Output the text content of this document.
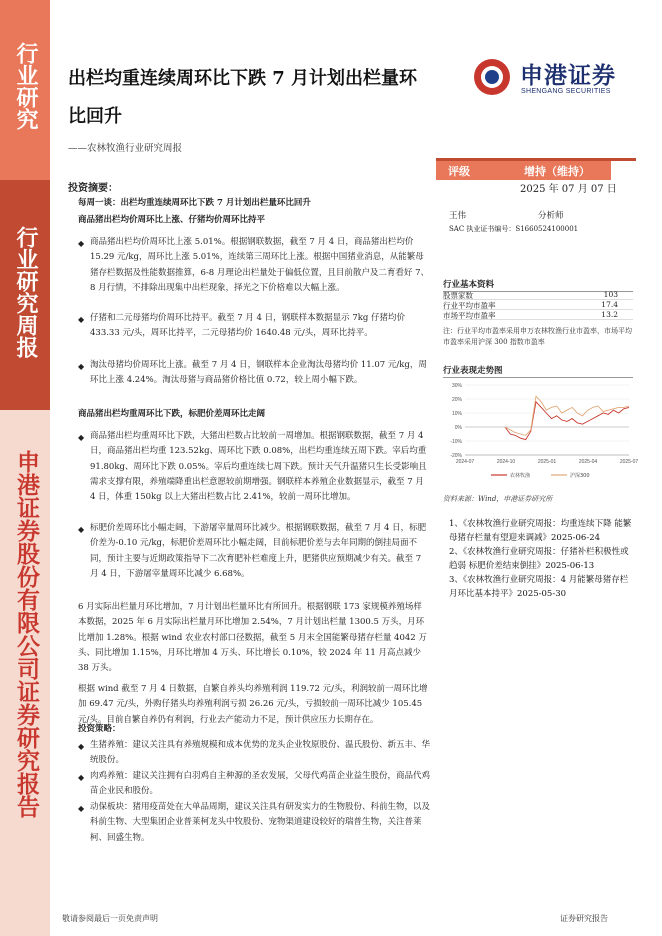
行业研究
行业研究周报
申港证券股份有限公司证券研究报告
出栏均重连续周环比下跌 7 月计划出栏量环比回升
——农林牧渔行业研究周报
申港证券
SHENGANG SECURITIES
评级	增持（维持）
2025 年 07 月 07 日
王伟	分析师
SAC 执业证书编号：S1660524100001
行业基本资料
股票家数	103
行业平均市盈率	17.4
市场平均市盈率	13.2
注：行业平均市盈率采用申万农林牧渔行业市盈率，市场平均市盈率采用沪深 300 指数市盈率
行业表现走势图
30%
20%
10%
0%
-10%
-20%
2024-07	2024-10	2025-01	2025-04	2025-07
农林牧渔	沪深300
资料来源：Wind，申港证券研究所
1、《农林牧渔行业研究周报：均重连续下降 能繁母猪存栏量有望迎来调减》2025-06-24
2、《农林牧渔行业研究周报：仔猪补栏积极性或趋弱 标肥价差结束倒挂》2025-06-13
3、《农林牧渔行业研究周报：4 月能繁母猪存栏月环比基本持平》2025-05-30
投资摘要：
每周一谈：出栏均重连续周环比下跌 7 月计划出栏量环比回升
商品猪出栏均价周环比上涨、仔猪均价周环比持平
◆ 商品猪出栏均价周环比上涨 5.01%。根据钢联数据，截至 7 月 4 日，商品猪出栏均价 15.29 元/kg，周环比上涨 5.01%，连续第三周环比上涨。根据中国猪业消息，从能繁母猪存栏数据及性能数据推算，6-8 月理论出栏量处于偏低位置，且目前散户及二育看好 7、8 月行情，不排除出现集中出栏现象，择光之下价格难以大幅上涨。
◆ 仔猪和二元母猪均价周环比持平。截至 7 月 4 日，钢联样本数据显示 7kg 仔猪均价 433.33 元/头，周环比持平，二元母猪均价 1640.48 元/头，周环比持平。
◆ 淘汰母猪均价周环比上涨。截至 7 月 4 日，钢联样本企业淘汰母猪均价 11.07 元/kg，周环比上涨 4.24%。淘汰母猪与商品猪价格比值 0.72，较上周小幅下跌。
商品猪出栏均重周环比下跌，标肥价差周环比走阔
◆ 商品猪出栏均重周环比下跌，大猪出栏数占比较前一周增加。根据钢联数据，截至 7 月 4 日，商品猪出栏均重 123.52kg、周环比下跌 0.08%，出栏均重连续五周下跌。宰后均重 91.80kg、周环比下跌 0.05%。宰后均重连续七周下跌。预计天气升温猪只生长受影响且需求支撑有限，养殖端降重出栏意愿较前期增强。钢联样本养殖企业数据显示，截至 7 月 4 日，体重 150kg 以上大猪出栏数占比 2.41%，较前一周环比增加。
◆ 标肥价差周环比小幅走阔，下游屠宰量周环比减少。根据钢联数据，截至 7 月 4 日，标肥价差为-0.10 元/kg，标肥价差周环比小幅走阔，目前标肥价差与去年同期的倒挂局面不同，预计主要与近期政策指导下二次育肥补栏难度上升，肥猪供应预期减少有关。截至 7 月 4 日，下游屠宰量周环比减少 6.68%。
6 月实际出栏量月环比增加，7 月计划出栏量环比有所回升。根据钢联 173 家规模养殖场样本数据，2025 年 6 月实际出栏量月环比增加 2.54%，7 月计划出栏量 1300.5 万头，月环比增加 1.28%。根据 wind 农业农村部口径数据，截至 5 月末全国能繁母猪存栏量 4042 万头、同比增加 1.15%，月环比增加 4 万头、环比增长 0.10%，较 2024 年 11 月高点减少 38 万头。
根据 wind 截至 7 月 4 日数据，自繁自养头均养殖利润 119.72 元/头，利润较前一周环比增加 69.47 元/头，外购仔猪头均养殖利润亏损 26.26 元/头，亏损较前一周环比减少 105.45 元/头。目前自繁自养仍有利润，行业去产能动力不足，预计供应压力长期存在。
投资策略：
◆ 生猪养殖：建议关注具有养殖规模和成本优势的龙头企业牧原股份、温氏股份、新五丰、华统股份。
◆ 肉鸡养殖：建议关注拥有白羽鸡自主种源的圣农发展，父母代鸡苗企业益生股份，商品代鸡苗企业民和股份。
◆ 动保板块：猪用疫苗处在大单品周期，建议关注具有研发实力的生物股份、科前生物，以及科前生物、大型集团企业普莱柯龙头中牧股份、宠物渠道建设较好的瑞普生物，关注普莱柯、回盛生物。
敬请参阅最后一页免责声明	证券研究报告
